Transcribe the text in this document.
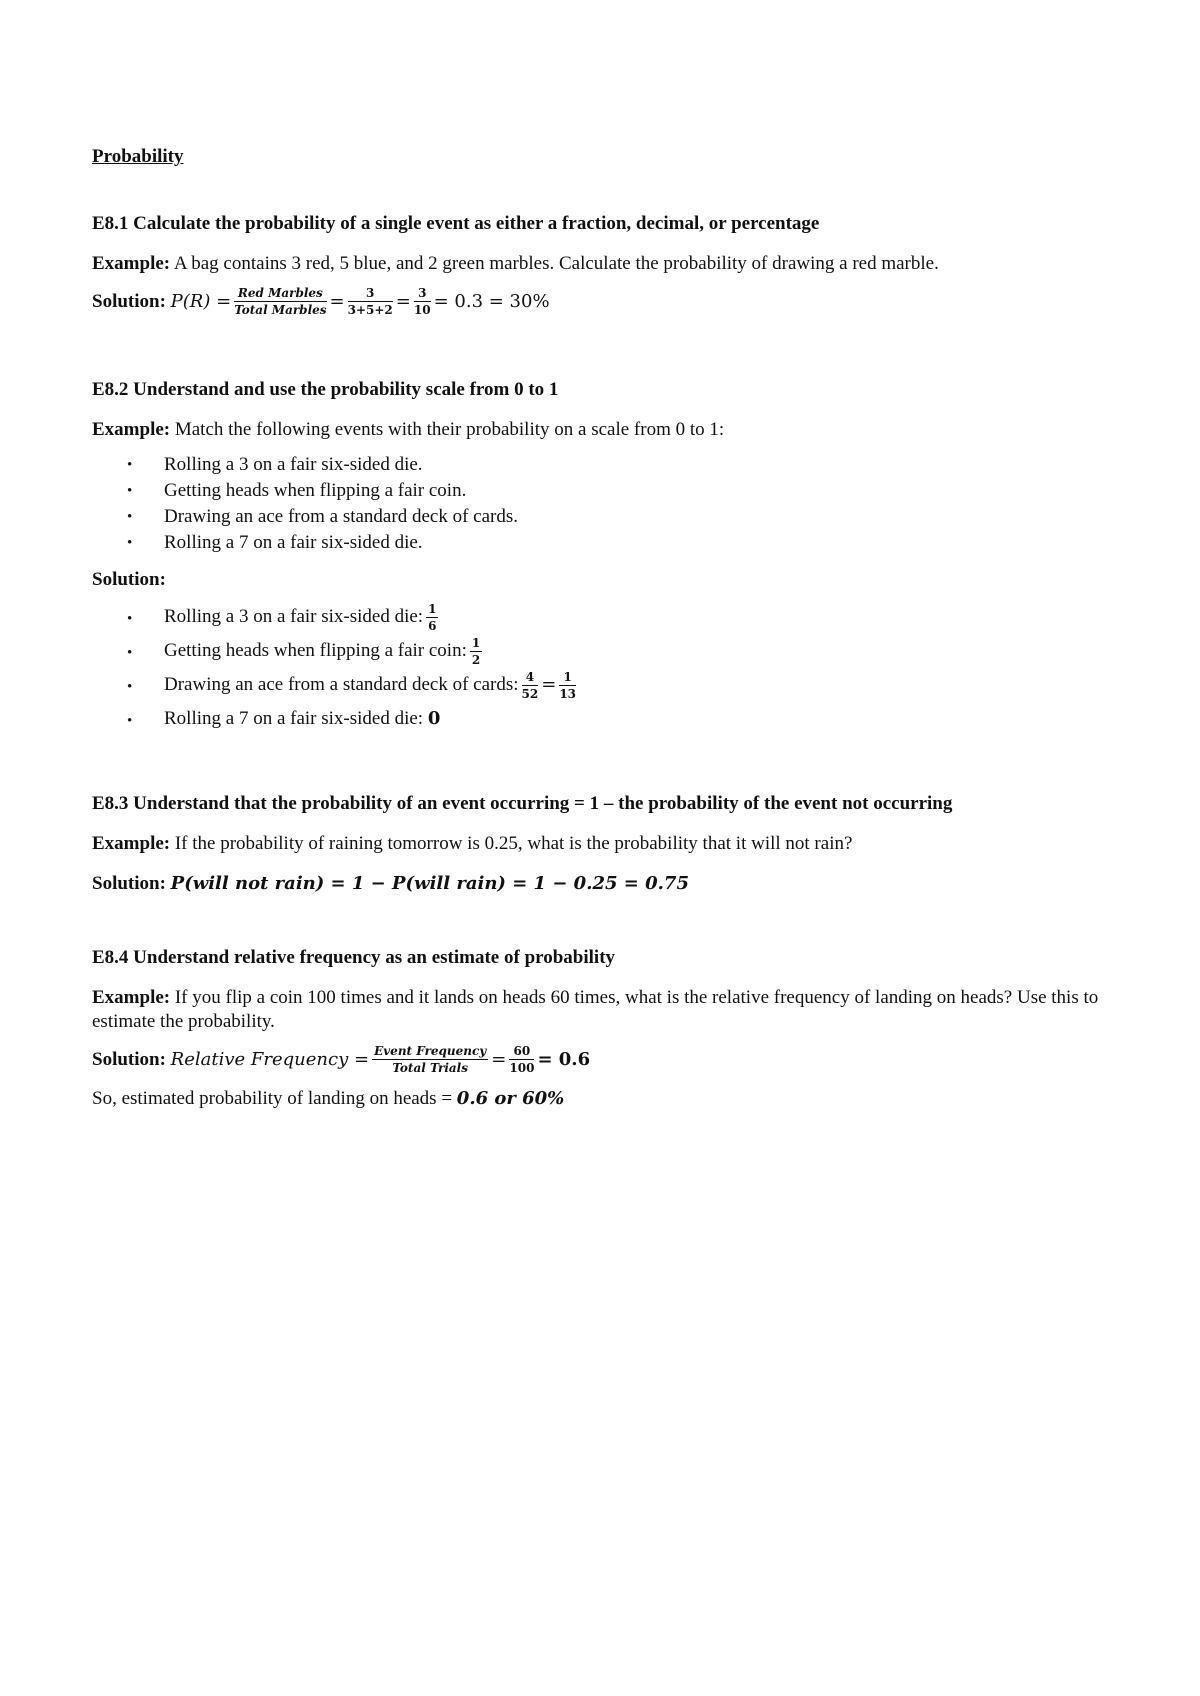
Probability

E8.1 Calculate the probability of a single event as either a fraction, decimal, or percentage

Example: A bag contains 3 red, 5 blue, and 2 green marbles. Calculate the probability of drawing a red marble.

Solution:
$P(R) = \frac{\text{Red Marbles}}{\text{Total Marbles}} = \frac{3}{3+5+2} = \frac{3}{10} = 0.3 = 30\%$

E8.2 Understand and use the probability scale from 0 to 1

Example: Match the following events with their probability on a scale from 0 to 1:

• Rolling a 3 on a fair six-sided die.
• Getting heads when flipping a fair coin.
• Drawing an ace from a standard deck of cards.
• Rolling a 7 on a fair six-sided die.

Solution:

• Rolling a 3 on a fair six-sided die: $\frac{1}{6}$
• Getting heads when flipping a fair coin: $\frac{1}{2}$
• Drawing an ace from a standard deck of cards: $\frac{4}{52} = \frac{1}{13}$
• Rolling a 7 on a fair six-sided die:
0

E8.3 Understand that the probability of an event occurring = 1 – the probability of the event not occurring

Example: If the probability of raining tomorrow is 0.25, what is the probability that it will not rain?

Solution:
P(will not rain) = 1 − P(will rain) = 1 − 0.25 = 0.75

E8.4 Understand relative frequency as an estimate of probability

Example: If you flip a coin 100 times and it lands on heads 60 times, what is the relative frequency of landing on heads? Use this to estimate the probability.

Solution:
Relative Frequency = $\frac{\text{Event Frequency}}{\text{Total Trials}} = \frac{60}{100} = 0.6$

So, estimated probability of landing on heads = 0.6 or 60%
